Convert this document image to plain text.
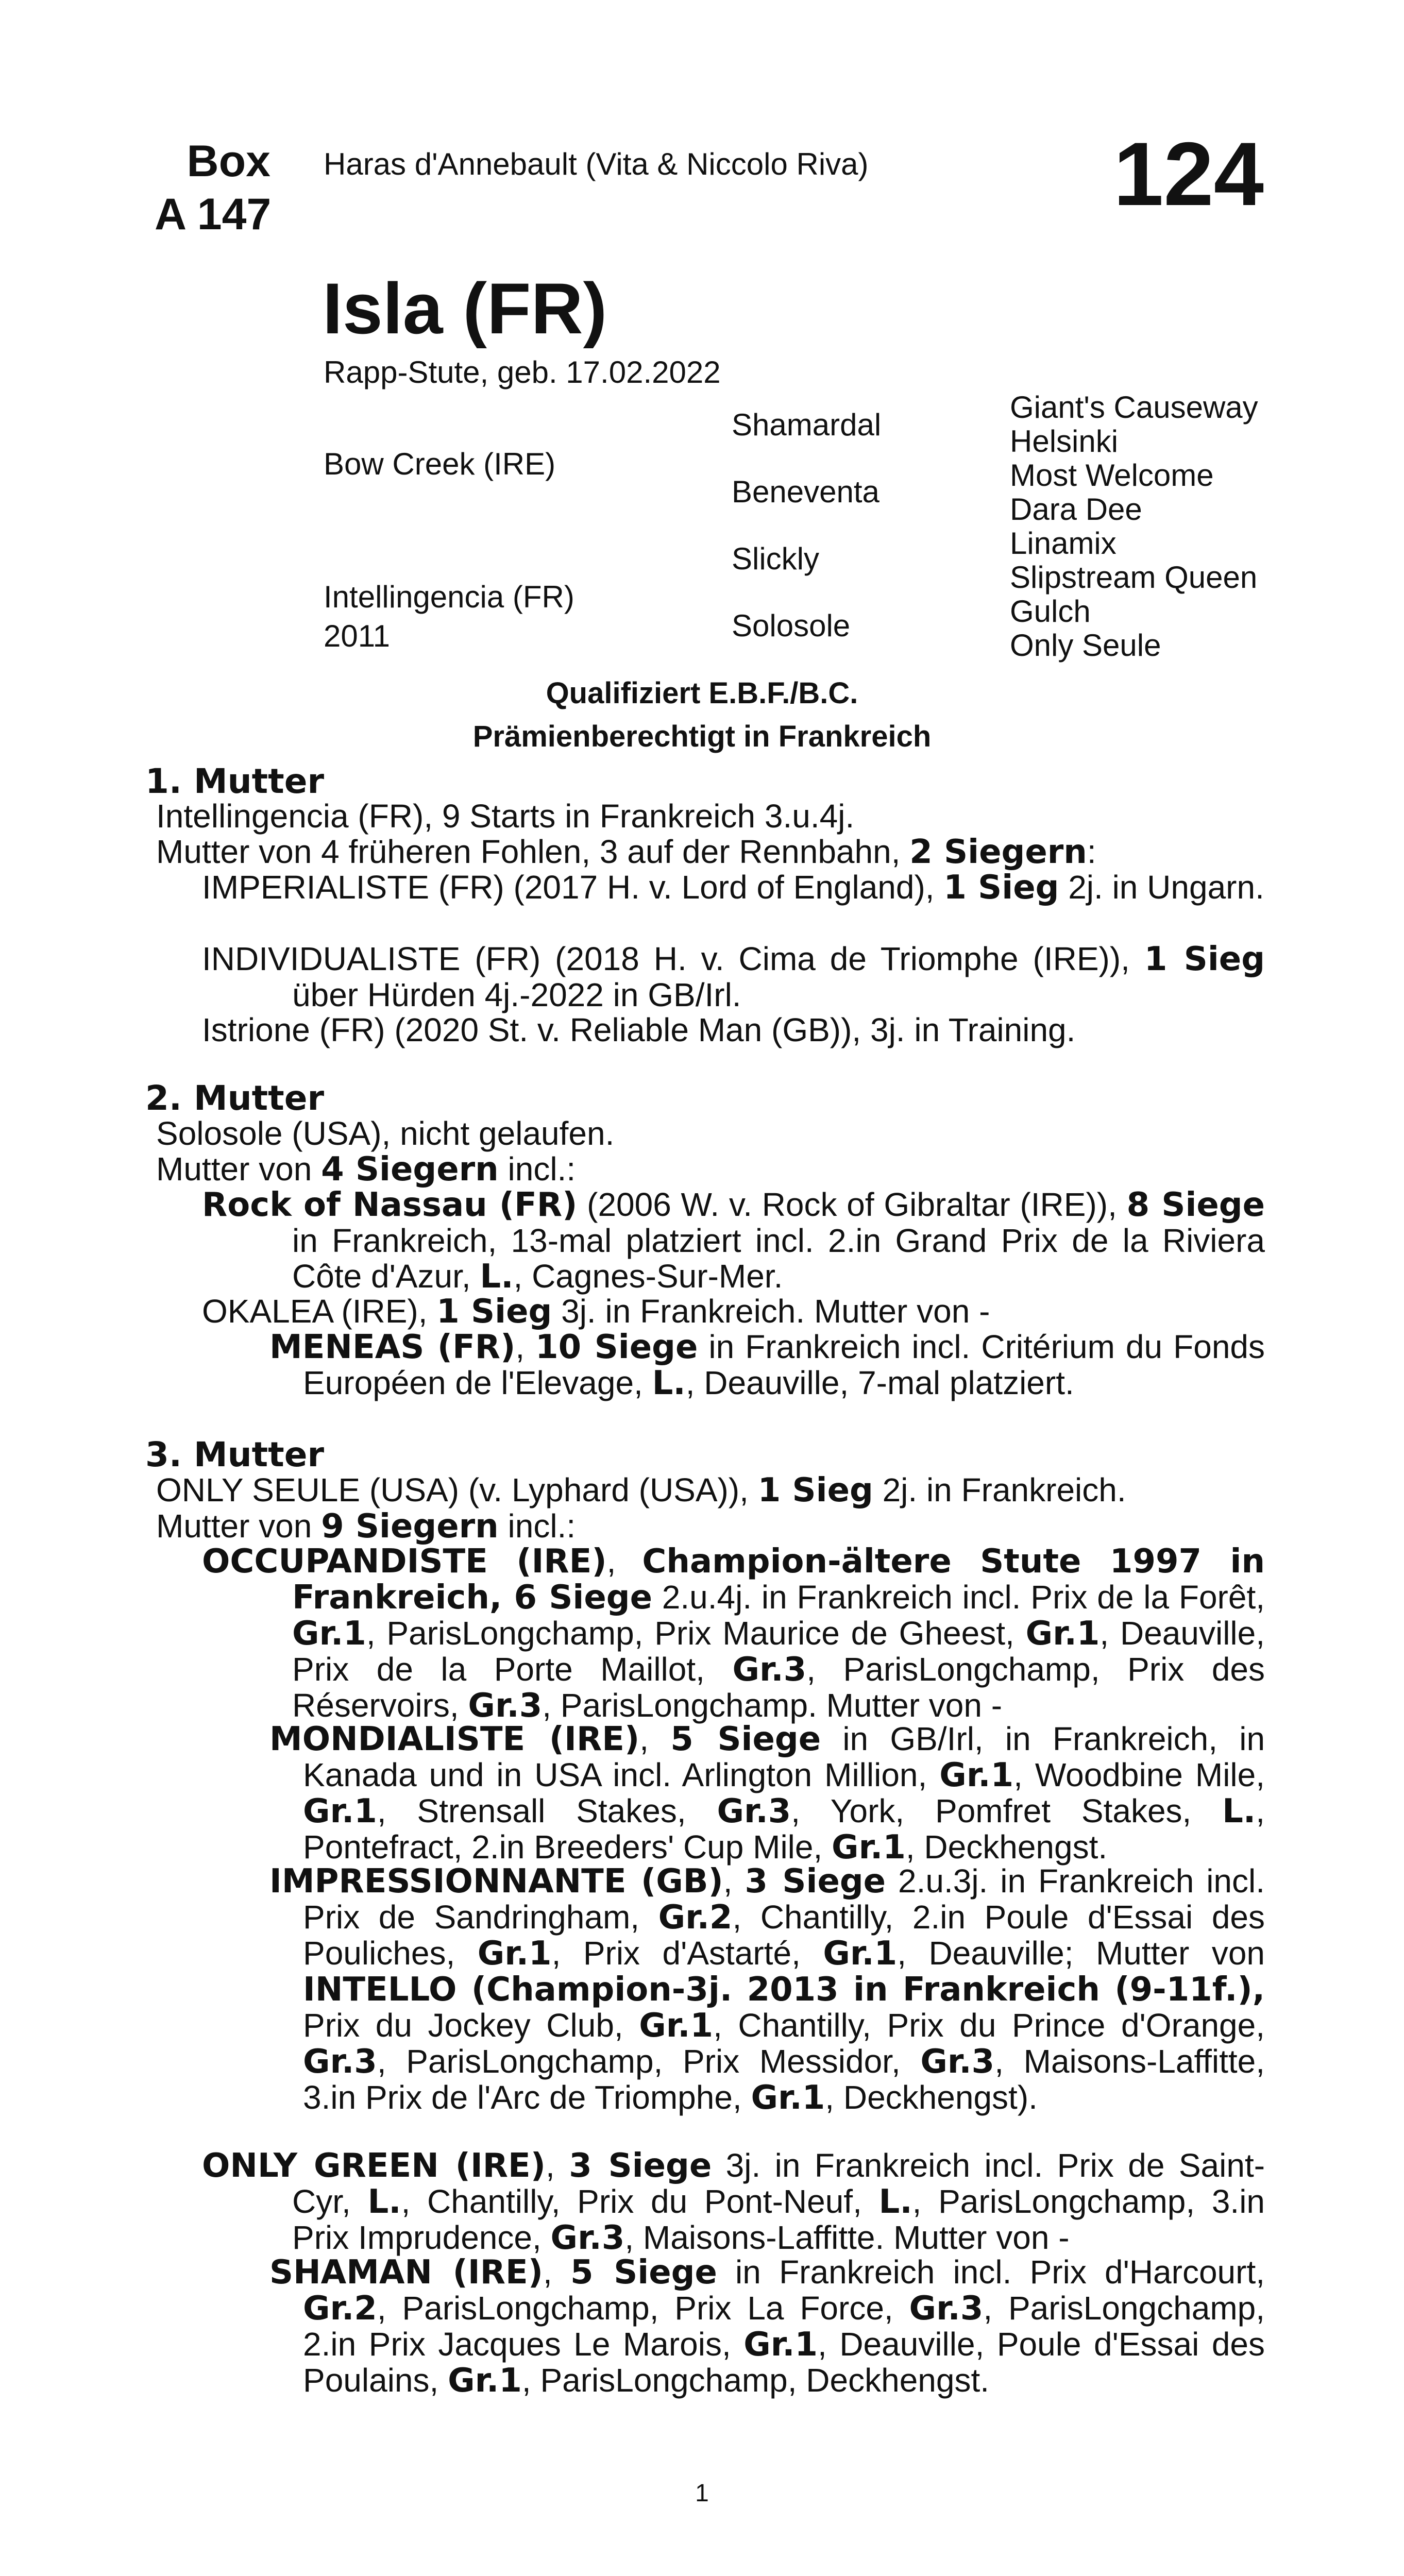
Box
A 147
Haras d'Annebault (Vita & Niccolo Riva)	124
Isla (FR)
Rapp-Stute, geb. 17.02.2022
Bow Creek (IRE)
Intellingencia (FR)
2011
Shamardal
Beneventa
Slickly
Solosole
Giant's Causeway
Helsinki
Most Welcome
Dara Dee
Linamix
Slipstream Queen
Gulch
Only Seule
Qualifiziert E.B.F./B.C.
Prämienberechtigt in Frankreich
1. Mutter

Intellingencia (FR), 9 Starts in Frankreich 3.u.4j.

Mutter von 4 früheren Fohlen, 3 auf der Rennbahn, 2 Siegern:

IMPERIALISTE (FR) (2017 H. v. Lord of England), 1 Sieg 2j. in Ungarn.

INDIVIDUALISTE (FR) (2018 H. v. Cima de Triomphe (IRE)), 1 Sieg über Hürden 4j.-2022 in GB/Irl.

Istrione (FR) (2020 St. v. Reliable Man (GB)), 3j. in Training.

2. Mutter

Solosole (USA), nicht gelaufen.

Mutter von 4 Siegern incl.:

Rock of Nassau (FR) (2006 W. v. Rock of Gibraltar (IRE)), 8 Siege in Frankreich, 13-mal platziert incl. 2.in Grand Prix de la Riviera Côte d'Azur, L., Cagnes-Sur-Mer.

OKALEA (IRE), 1 Sieg 3j. in Frankreich. Mutter von -

MENEAS (FR), 10 Siege in Frankreich incl. Critérium du Fonds Européen de l'Elevage, L., Deauville, 7-mal platziert.

3. Mutter

ONLY SEULE (USA) (v. Lyphard (USA)), 1 Sieg 2j. in Frankreich.

Mutter von 9 Siegern incl.:

OCCUPANDISTE (IRE), Champion-ältere Stute 1997 in Frankreich, 6 Siege 2.u.4j. in Frankreich incl. Prix de la Forêt, Gr.1, ParisLongchamp, Prix Maurice de Gheest, Gr.1, Deauville, Prix de la Porte Maillot, Gr.3, ParisLongchamp, Prix des Réservoirs, Gr.3, ParisLongchamp. Mutter von -

MONDIALISTE (IRE), 5 Siege in GB/Irl, in Frankreich, in Kanada und in USA incl. Arlington Million, Gr.1, Woodbine Mile, Gr.1, Strensall Stakes, Gr.3, York, Pomfret Stakes, L., Pontefract, 2.in Breeders' Cup Mile, Gr.1, Deckhengst.

IMPRESSIONNANTE (GB), 3 Siege 2.u.3j. in Frankreich incl. Prix de Sandringham, Gr.2, Chantilly, 2.in Poule d'Essai des Pouliches, Gr.1, Prix d'Astarté, Gr.1, Deauville; Mutter von INTELLO (Champion-3j. 2013 in Frankreich (9-11f.), Prix du Jockey Club, Gr.1, Chantilly, Prix du Prince d'Orange, Gr.3, ParisLongchamp, Prix Messidor, Gr.3, Maisons-Laffitte, 3.in Prix de l'Arc de Triomphe, Gr.1, Deckhengst).

ONLY GREEN (IRE), 3 Siege 3j. in Frankreich incl. Prix de Saint-Cyr, L., Chantilly, Prix du Pont-Neuf, L., ParisLongchamp, 3.in Prix Imprudence, Gr.3, Maisons-Laffitte. Mutter von -

SHAMAN (IRE), 5 Siege in Frankreich incl. Prix d'Harcourt, Gr.2, ParisLongchamp, Prix La Force, Gr.3, ParisLongchamp, 2.in Prix Jacques Le Marois, Gr.1, Deauville, Poule d'Essai des Poulains, Gr.1, ParisLongchamp, Deckhengst.

1
